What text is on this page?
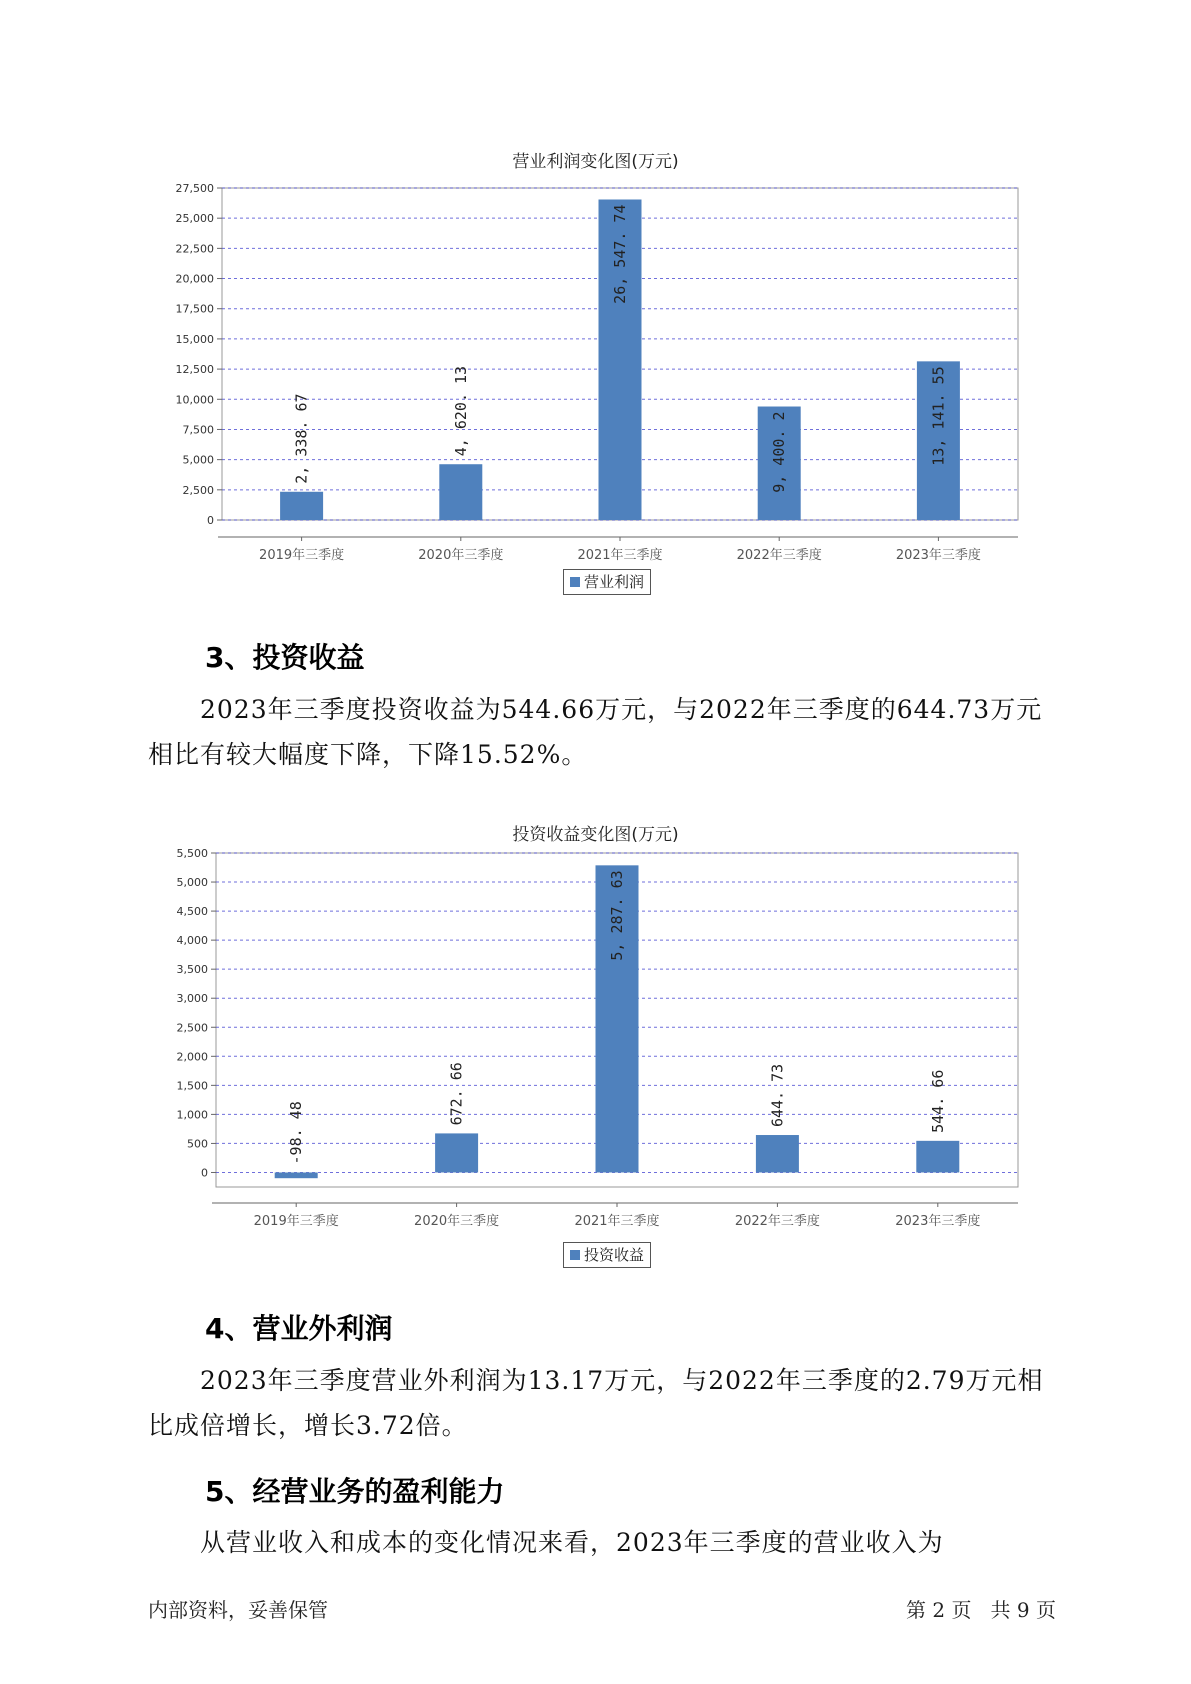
营业利润变化图(万元)
0
2,500
5,000
7,500
10,000
12,500
15,000
17,500
20,000
22,500
25,000
27,500
2019年三季度
2, 338. 67
2020年三季度
4, 620. 13
2021年三季度
26, 547. 74
2022年三季度
9, 400. 2
2023年三季度
13, 141. 55
营业利润
3、投资收益
2023年三季度投资收益为544.66万元，与2022年三季度的644.73万元
相比有较大幅度下降，下降15.52%。
投资收益变化图(万元)
0
500
1,000
1,500
2,000
2,500
3,000
3,500
4,000
4,500
5,000
5,500
2019年三季度
-98. 48
2020年三季度
672. 66
2021年三季度
5, 287. 63
2022年三季度
644. 73
2023年三季度
544. 66
投资收益
4、营业外利润
2023年三季度营业外利润为13.17万元，与2022年三季度的2.79万元相
比成倍增长，增长3.72倍。
5、经营业务的盈利能力
从营业收入和成本的变化情况来看，2023年三季度的营业收入为
内部资料，妥善保管	第 2 页   共 9 页
